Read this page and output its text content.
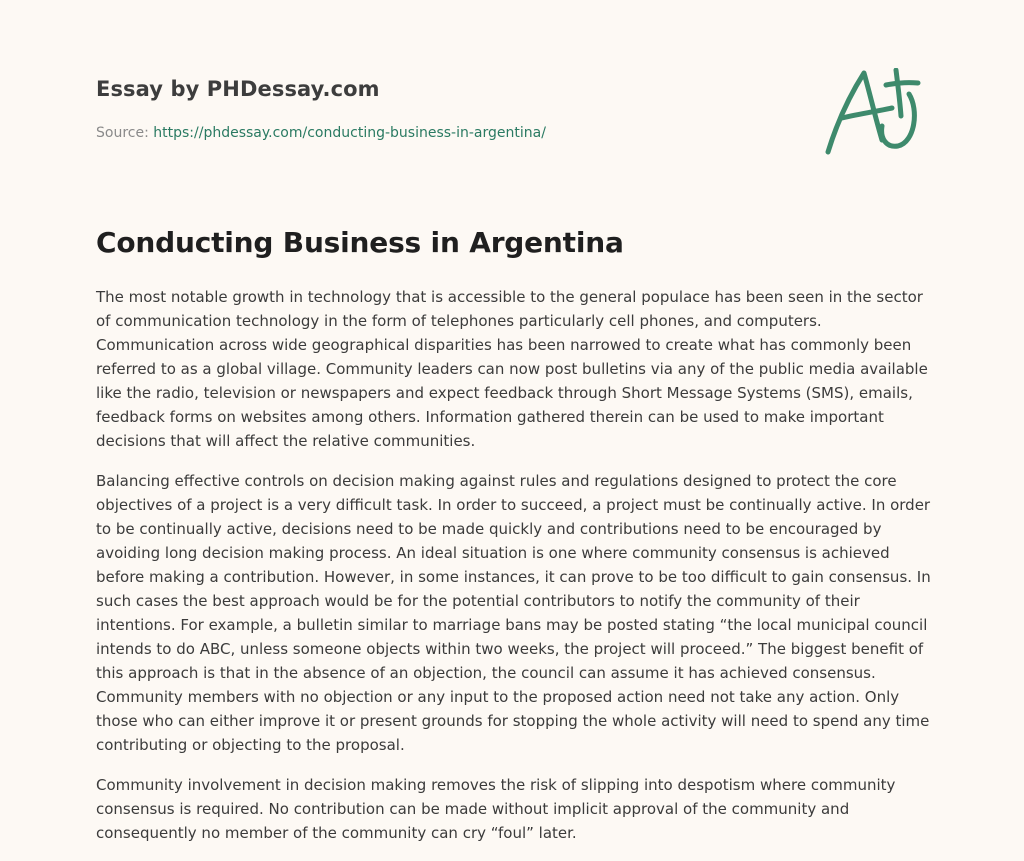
Essay by PHDessay.com
Source: https://phdessay.com/conducting-business-in-argentina/
Conducting Business in Argentina

The most notable growth in technology that is accessible to the general populace has been seen in the sector of communication technology in the form of telephones particularly cell phones, and computers. Communication across wide geographical disparities has been narrowed to create what has commonly been referred to as a global village. Community leaders can now post bulletins via any of the public media available like the radio, television or newspapers and expect feedback through Short Message Systems (SMS), emails, feedback forms on websites among others. Information gathered therein can be used to make important decisions that will affect the relative communities.

Balancing effective controls on decision making against rules and regulations designed to protect the core objectives of a project is a very difficult task. In order to succeed, a project must be continually active. In order to be continually active, decisions need to be made quickly and contributions need to be encouraged by avoiding long decision making process. An ideal situation is one where community consensus is achieved before making a contribution. However, in some instances, it can prove to be too difficult to gain consensus. In such cases the best approach would be for the potential contributors to notify the community of their intentions. For example, a bulletin similar to marriage bans may be posted stating “the local municipal council intends to do ABC, unless someone objects within two weeks, the project will proceed.” The biggest benefit of this approach is that in the absence of an objection, the council can assume it has achieved consensus. Community members with no objection or any input to the proposed action need not take any action. Only those who can either improve it or present grounds for stopping the whole activity will need to spend any time contributing or objecting to the proposal.

Community involvement in decision making removes the risk of slipping into despotism where community consensus is required. No contribution can be made without implicit approval of the community and consequently no member of the community can cry “foul” later.
